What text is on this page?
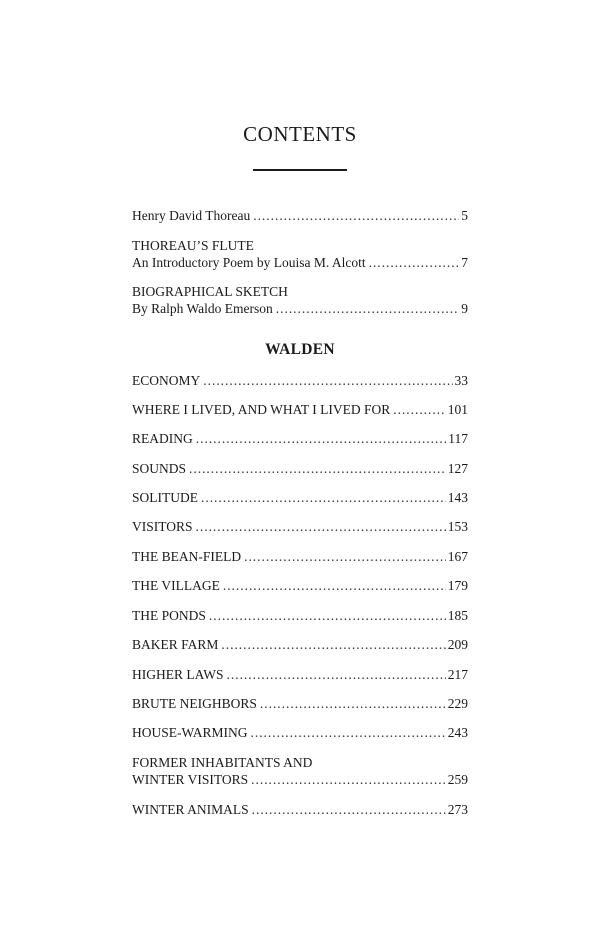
CONTENTS
Henry David Thoreau . . .	5
THOREAU’S FLUTE
An Introductory Poem by Louisa M. Alcott . . .	7
BIOGRAPHICAL SKETCH
By Ralph Waldo Emerson . . .	9
WALDEN
ECONOMY . . .	33
WHERE I LIVED, AND WHAT I LIVED FOR . . .	101
READING . . .	117
SOUNDS . . .	127
SOLITUDE . . .	143
VISITORS . . .	153
THE BEAN-FIELD . . .	167
THE VILLAGE . . .	179
THE PONDS . . .	185
BAKER FARM . . .	209
HIGHER LAWS . . .	217
BRUTE NEIGHBORS . . .	229
HOUSE-WARMING . . .	243
FORMER INHABITANTS AND
WINTER VISITORS . . .	259
WINTER ANIMALS . . .	273
